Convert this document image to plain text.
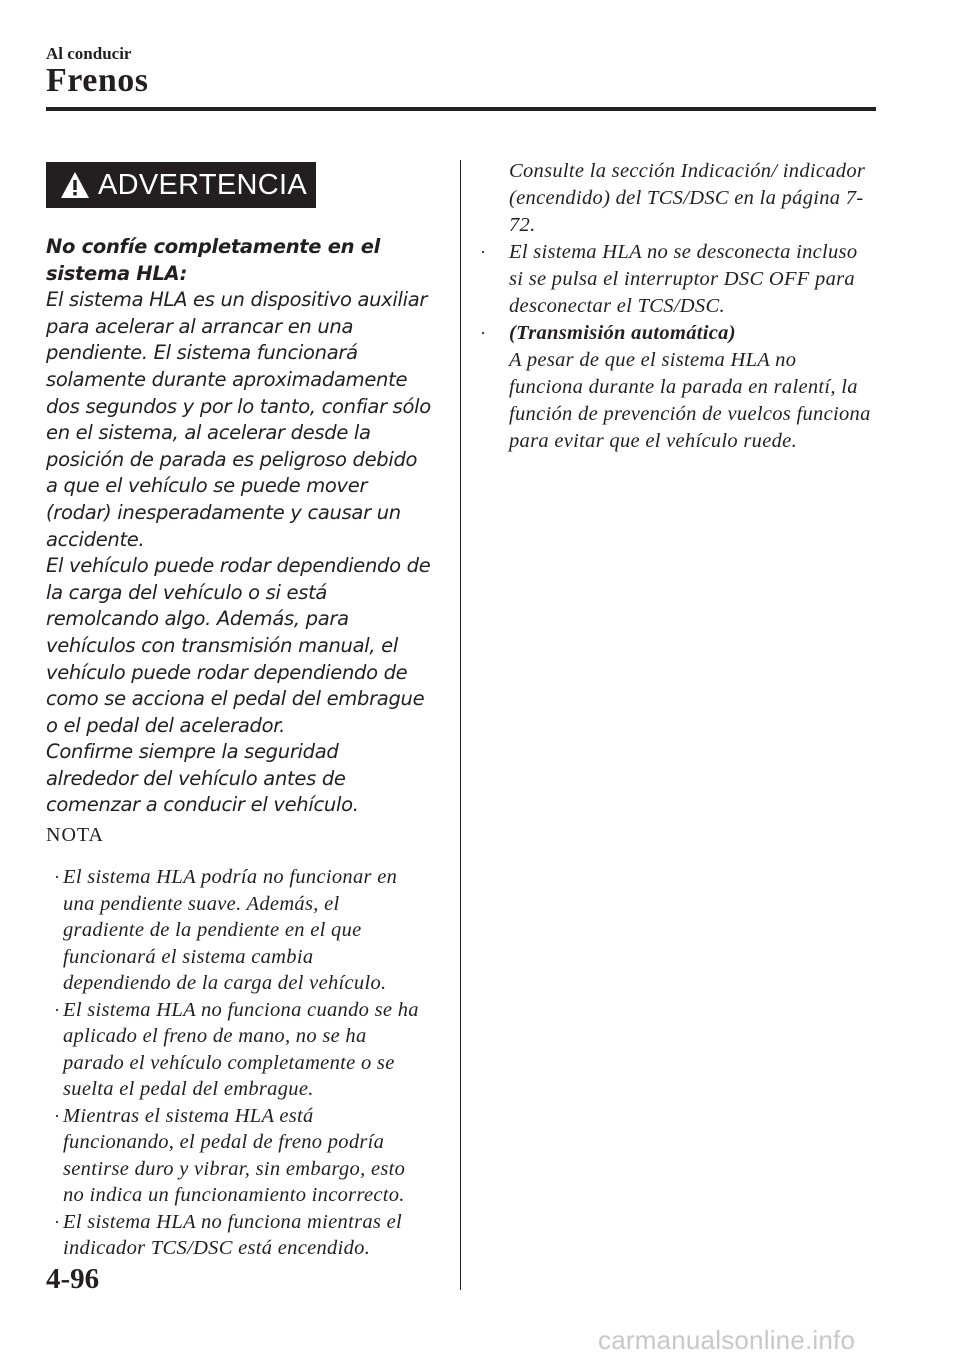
Al conducir
Frenos
ADVERTENCIA
No confíe completamente en el sistema HLA:
El sistema HLA es un dispositivo auxiliar para acelerar al arrancar en una pendiente. El sistema funcionará solamente durante aproximadamente dos segundos y por lo tanto, confiar sólo en el sistema, al acelerar desde la posición de parada es peligroso debido a que el vehículo se puede mover (rodar) inesperadamente y causar un accidente.
El vehículo puede rodar dependiendo de la carga del vehículo o si está remolcando algo. Además, para vehículos con transmisión manual, el vehículo puede rodar dependiendo de como se acciona el pedal del embrague o el pedal del acelerador.
Confirme siempre la seguridad alrededor del vehículo antes de comenzar a conducir el vehículo.
NOTA
· El sistema HLA podría no funcionar en una pendiente suave. Además, el gradiente de la pendiente en el que funcionará el sistema cambia dependiendo de la carga del vehículo.
· El sistema HLA no funciona cuando se ha aplicado el freno de mano, no se ha parado el vehículo completamente o se suelta el pedal del embrague.
· Mientras el sistema HLA está funcionando, el pedal de freno podría sentirse duro y vibrar, sin embargo, esto no indica un funcionamiento incorrecto.
· El sistema HLA no funciona mientras el indicador TCS/DSC está encendido.
Consulte la sección Indicación/ indicador (encendido) del TCS/DSC en la página 7-72.
· El sistema HLA no se desconecta incluso si se pulsa el interruptor DSC OFF para desconectar el TCS/DSC.
· (Transmisión automática)
A pesar de que el sistema HLA no funciona durante la parada en ralentí, la función de prevención de vuelcos funciona para evitar que el vehículo ruede.
4-96
carmanualsonline.info
